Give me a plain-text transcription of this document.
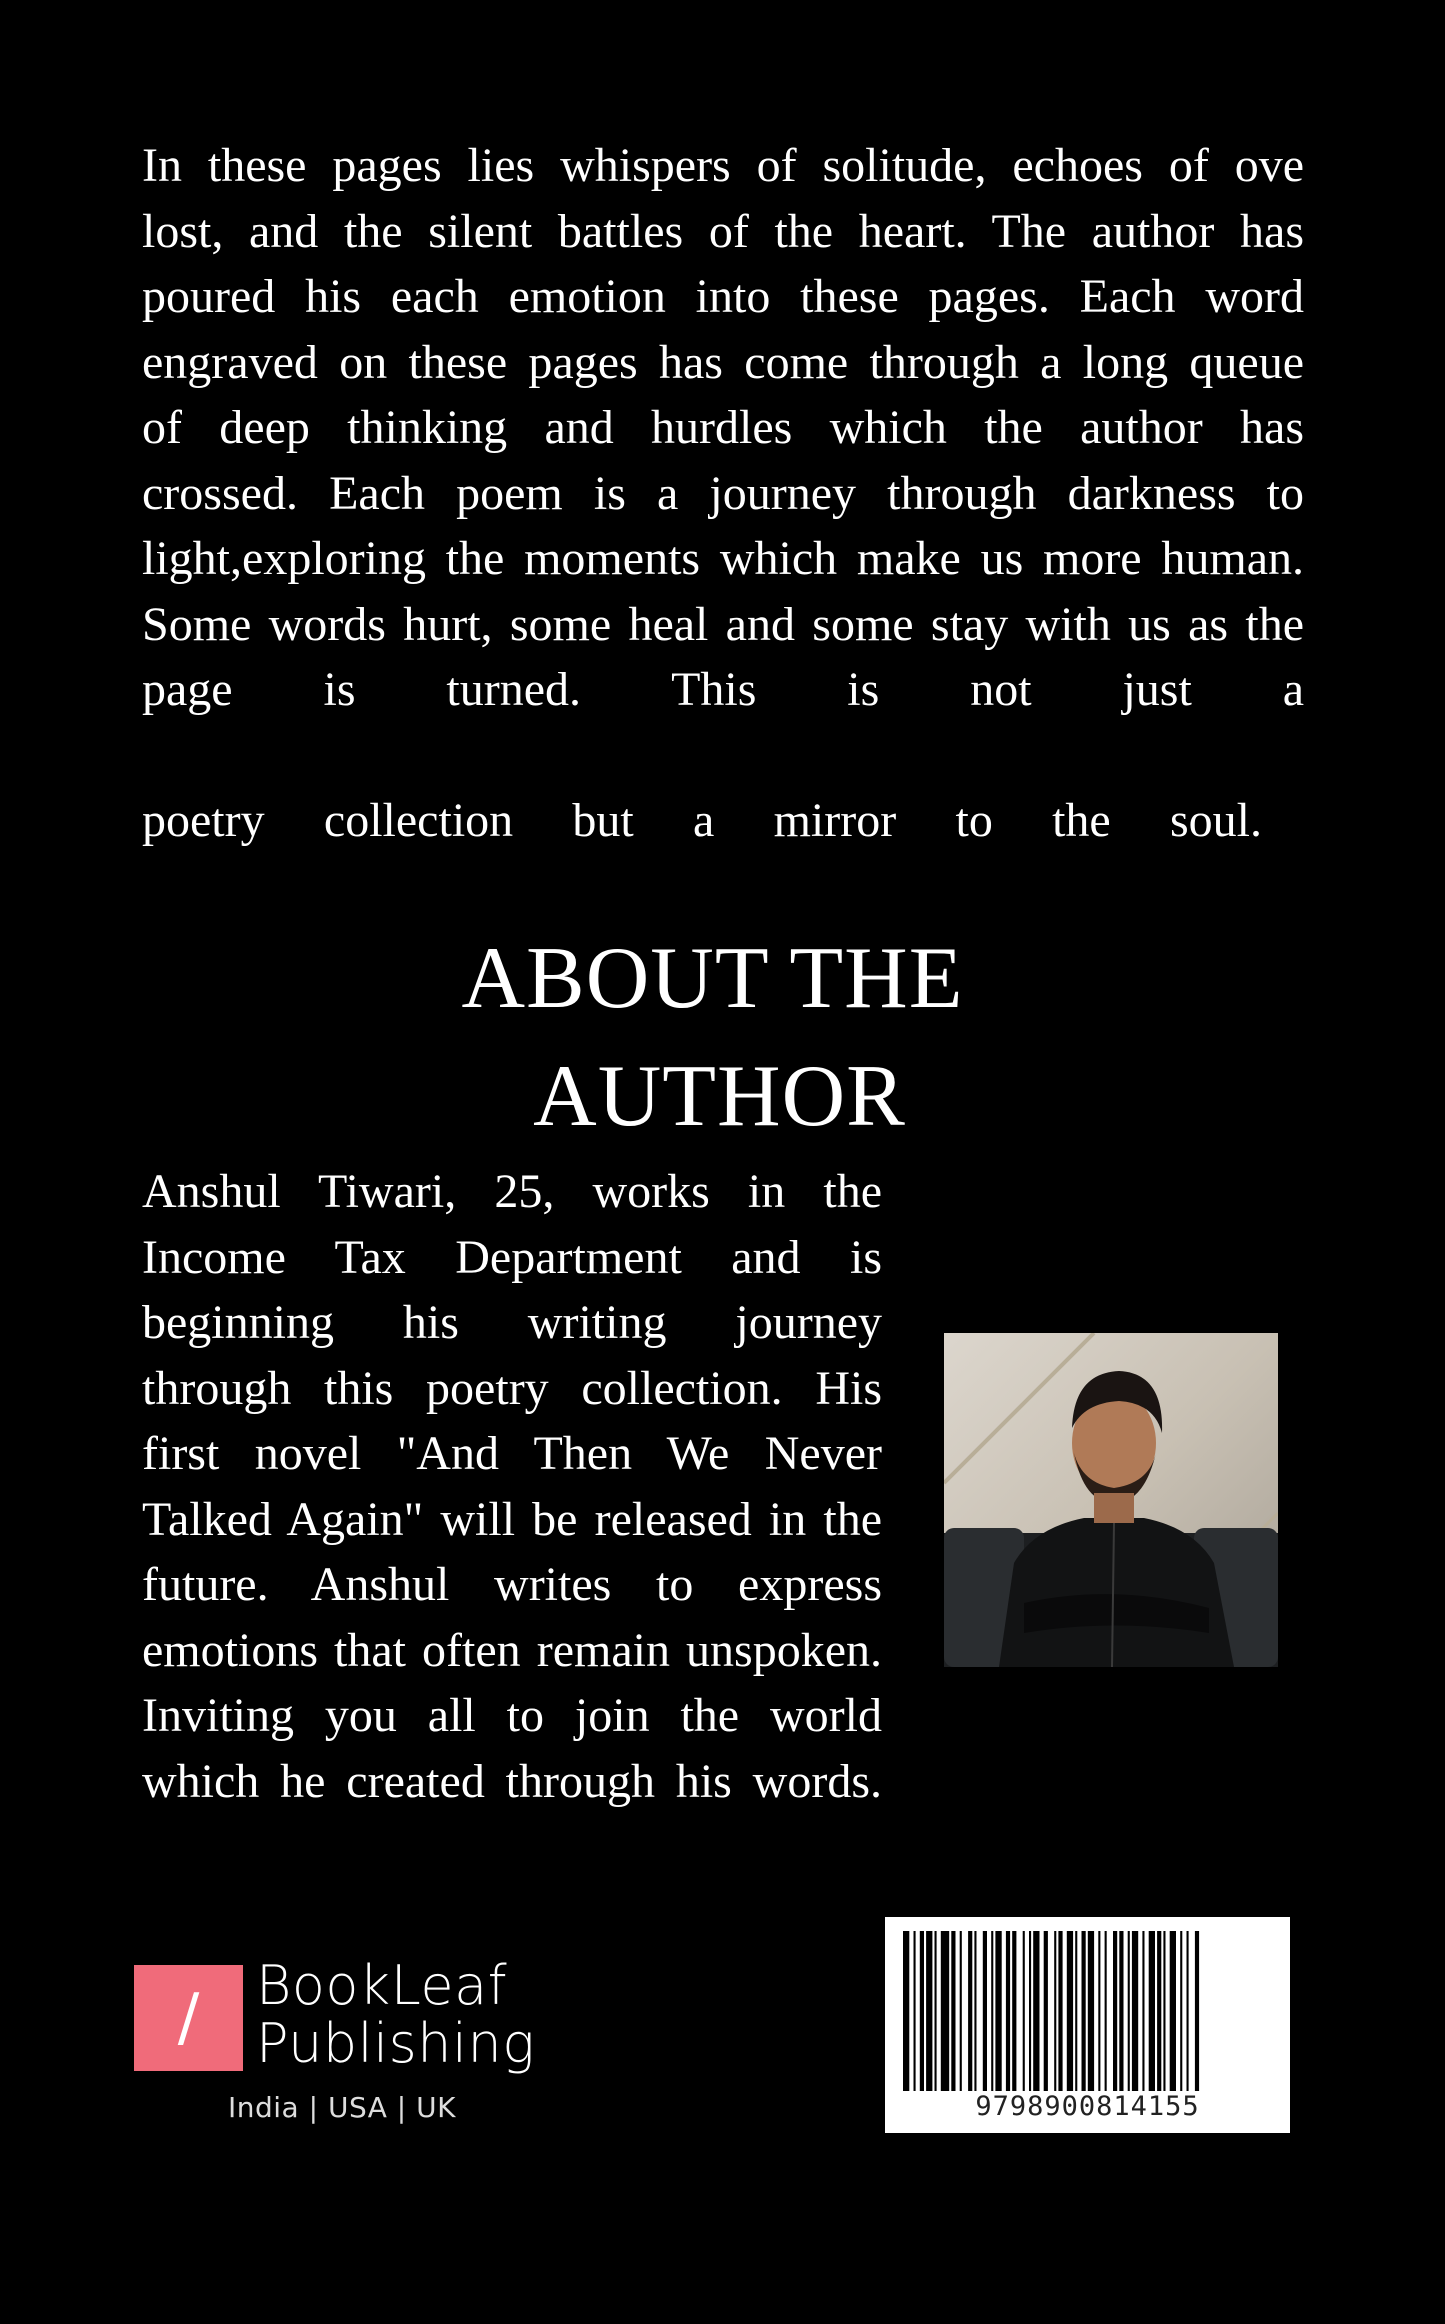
In these pages lies whispers of solitude, echoes of ove lost, and the silent battles of the heart. The author has poured his each emotion into these pages. Each word engraved on these pages has come through a long queue of deep thinking and hurdles which the author has crossed. Each poem is a journey through darkness to light,exploring the moments which make us more human. Some words hurt, some heal and some stay with us as the page is turned. This is not just a

poetry collection but a mirror to the soul.

ABOUT THE
AUTHOR

Anshul Tiwari, 25, works in the Income Tax Department and is beginning his writing journey through this poetry collection. His first novel "And Then We Never Talked Again" will be released in the future. Anshul writes to express emotions that often remain unspoken. Inviting you all to join the world which he created through his words.

/ BookLeaf
Publishing
India | USA | UK	9798900814155
